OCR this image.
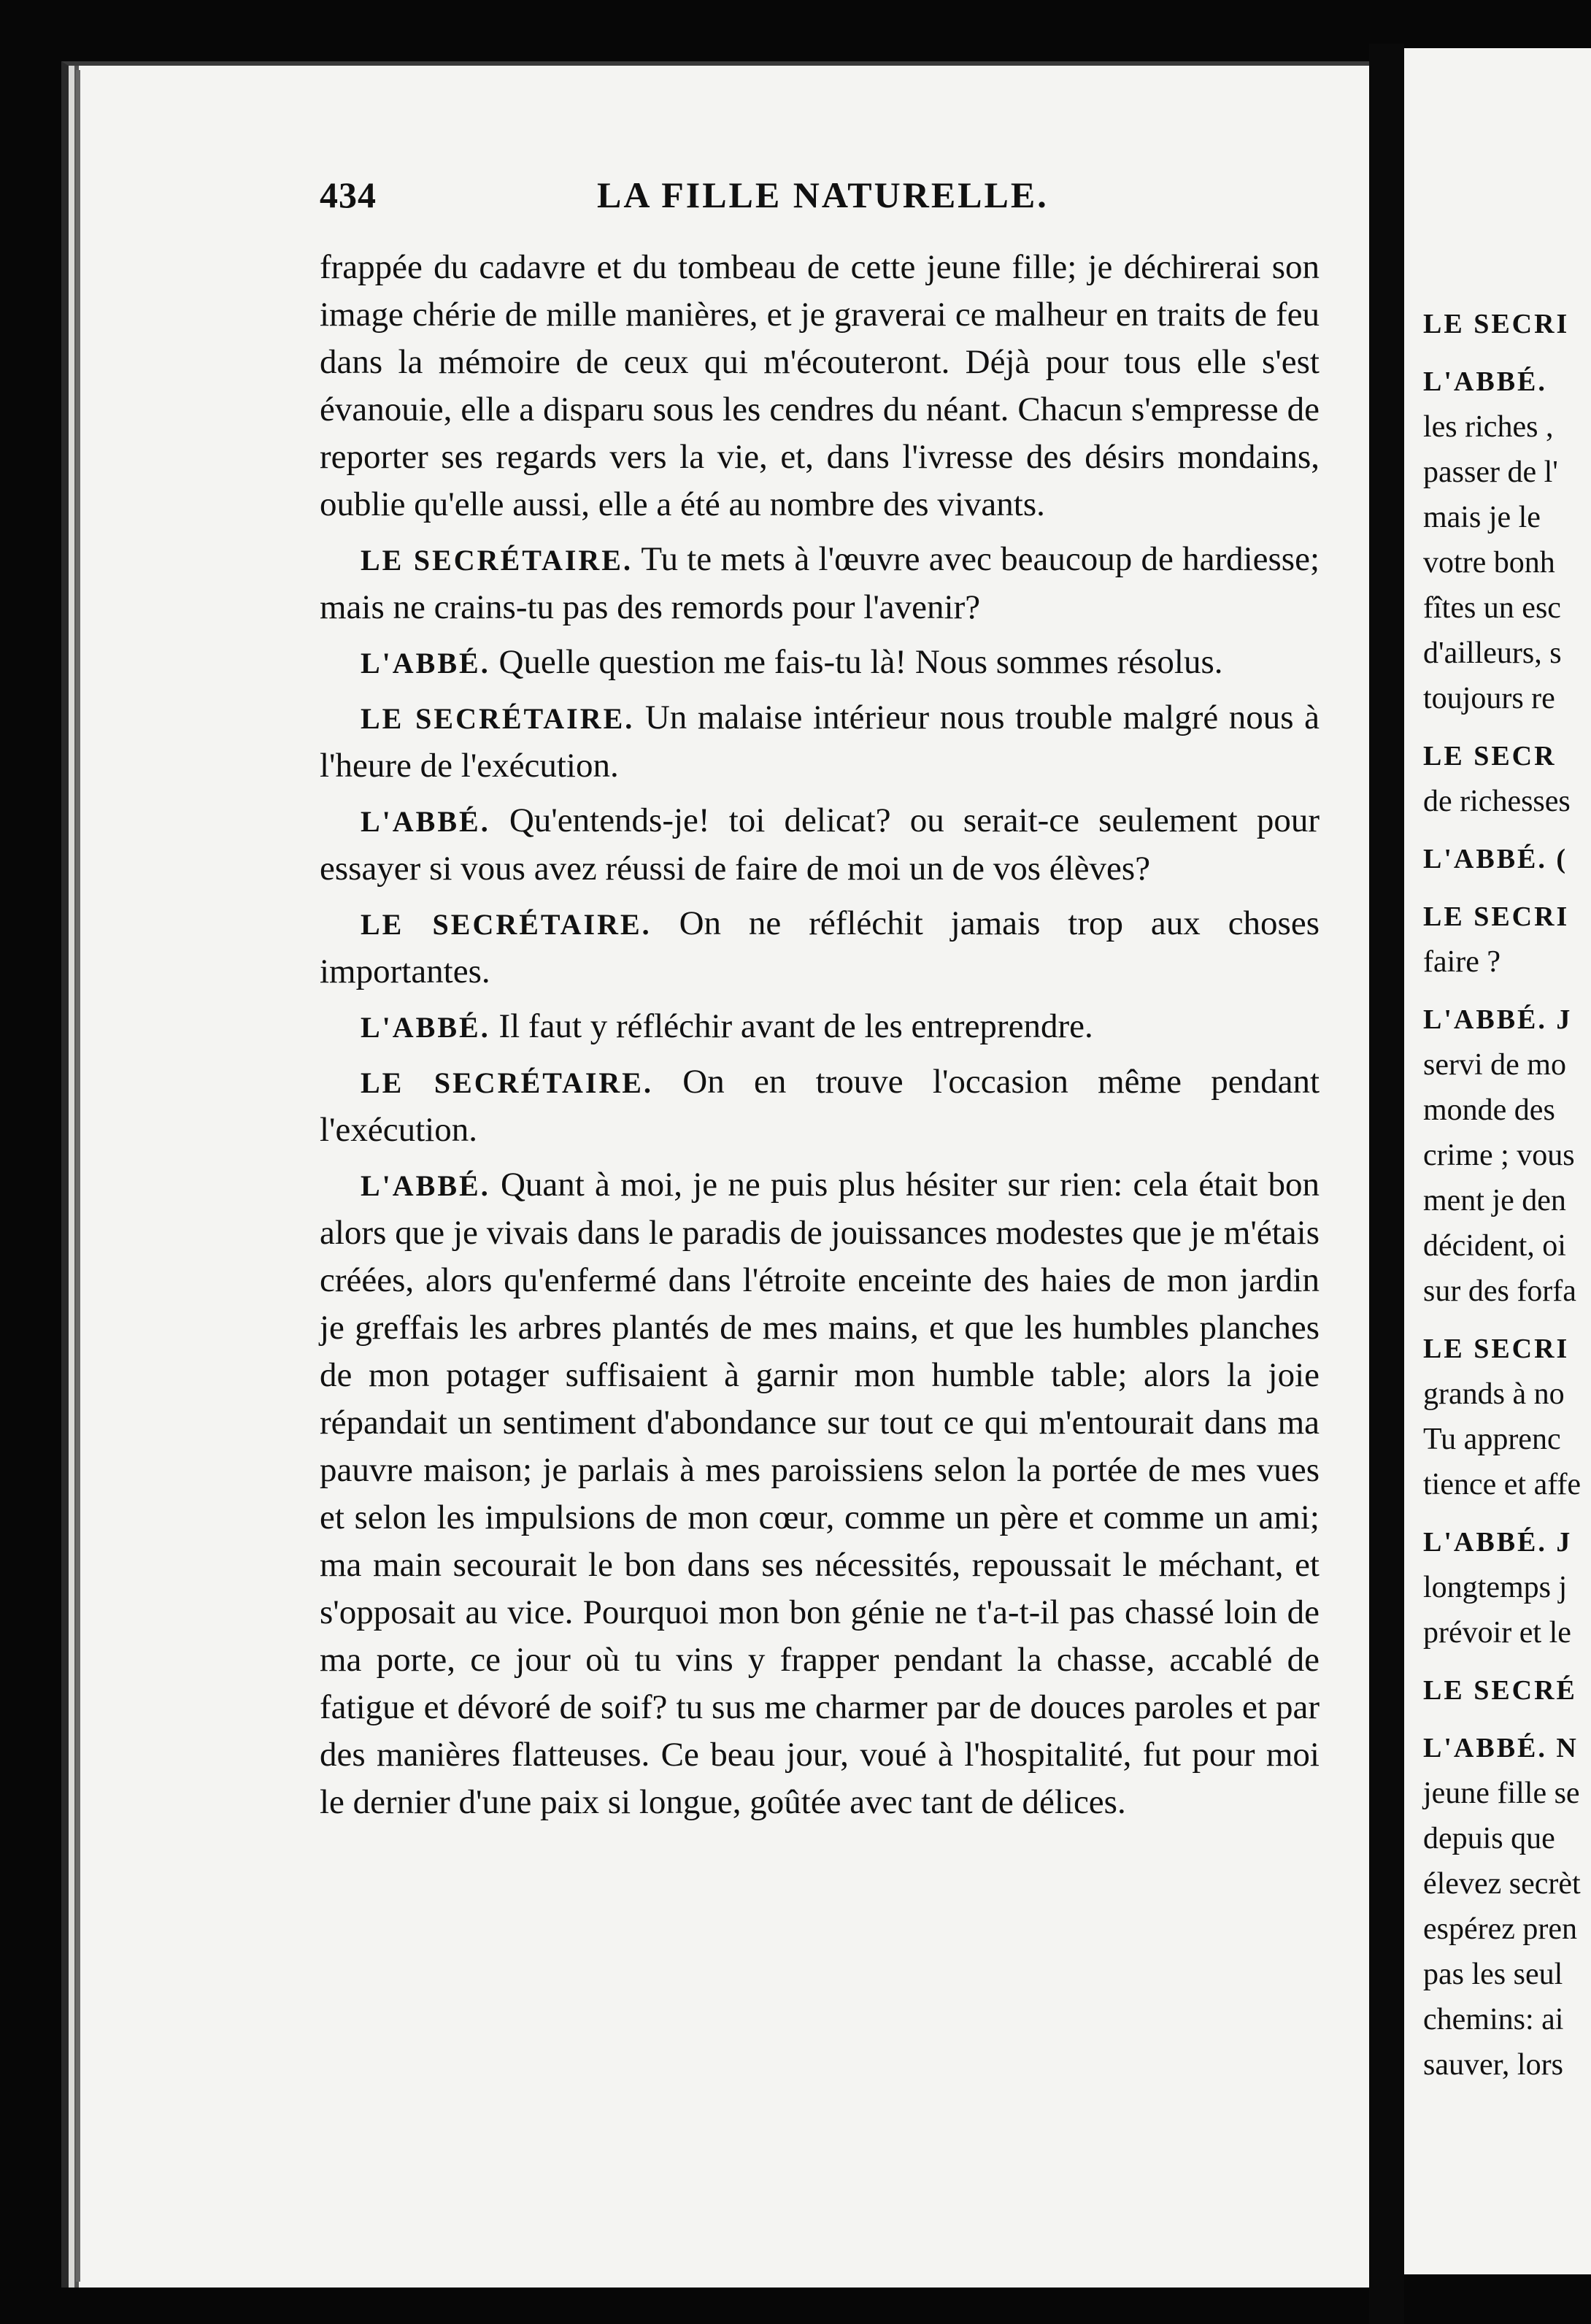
434	LA FILLE NATURELLE.

frappée du cadavre et du tombeau de cette jeune fille; je déchirerai son image chérie de mille manières, et je graverai ce malheur en traits de feu dans la mémoire de ceux qui m'écouteront. Déjà pour tous elle s'est évanouie, elle a disparu sous les cendres du néant. Chacun s'empresse de reporter ses regards vers la vie, et, dans l'ivresse des désirs mondains, oublie qu'elle aussi, elle a été au nombre des vivants.

LE SECRÉTAIRE. Tu te mets à l'œuvre avec beaucoup de hardiesse; mais ne crains-tu pas des remords pour l'avenir?

L'ABBÉ. Quelle question me fais-tu là! Nous sommes résolus.

LE SECRÉTAIRE. Un malaise intérieur nous trouble malgré nous à l'heure de l'exécution.

L'ABBÉ. Qu'entends-je! toi delicat? ou serait-ce seulement pour essayer si vous avez réussi de faire de moi un de vos élèves?

LE SECRÉTAIRE. On ne réfléchit jamais trop aux choses importantes.

L'ABBÉ. Il faut y réfléchir avant de les entreprendre.

LE SECRÉTAIRE. On en trouve l'occasion même pendant l'exécution.

L'ABBÉ. Quant à moi, je ne puis plus hésiter sur rien: cela était bon alors que je vivais dans le paradis de jouissances modestes que je m'étais créées, alors qu'enfermé dans l'étroite enceinte des haies de mon jardin je greffais les arbres plantés de mes mains, et que les humbles planches de mon potager suffisaient à garnir mon humble table; alors la joie répandait un sentiment d'abondance sur tout ce qui m'entourait dans ma pauvre maison; je parlais à mes paroissiens selon la portée de mes vues et selon les impulsions de mon cœur, comme un père et comme un ami; ma main secourait le bon dans ses nécessités, repoussait le méchant, et s'opposait au vice. Pourquoi mon bon génie ne t'a-t-il pas chassé loin de ma porte, ce jour où tu vins y frapper pendant la chasse, accablé de fatigue et dévoré de soif? tu sus me charmer par de douces paroles et par des manières flatteuses. Ce beau jour, voué à l'hospitalité, fut pour moi le dernier d'une paix si longue, goûtée avec tant de délices.

LE SECRI
L'ABBÉ.
les riches ,
passer de l'
mais je le
votre bonh
fîtes un esc
d'ailleurs, s
toujours re
LE SECR
de richesses
L'ABBÉ. (
LE SECRI
faire ?
L'ABBÉ. J
servi de mo
monde des
crime ; vous
ment je den
décident, oi
sur des forfa
LE SECRI
grands à no
Tu apprenc
tience et affe
L'ABBÉ. J
longtemps j
prévoir et le
LE SECRÉ
L'ABBÉ. N
jeune fille se
depuis que
élevez secrèt
espérez pren
pas les seul
chemins: ai
sauver, lors
